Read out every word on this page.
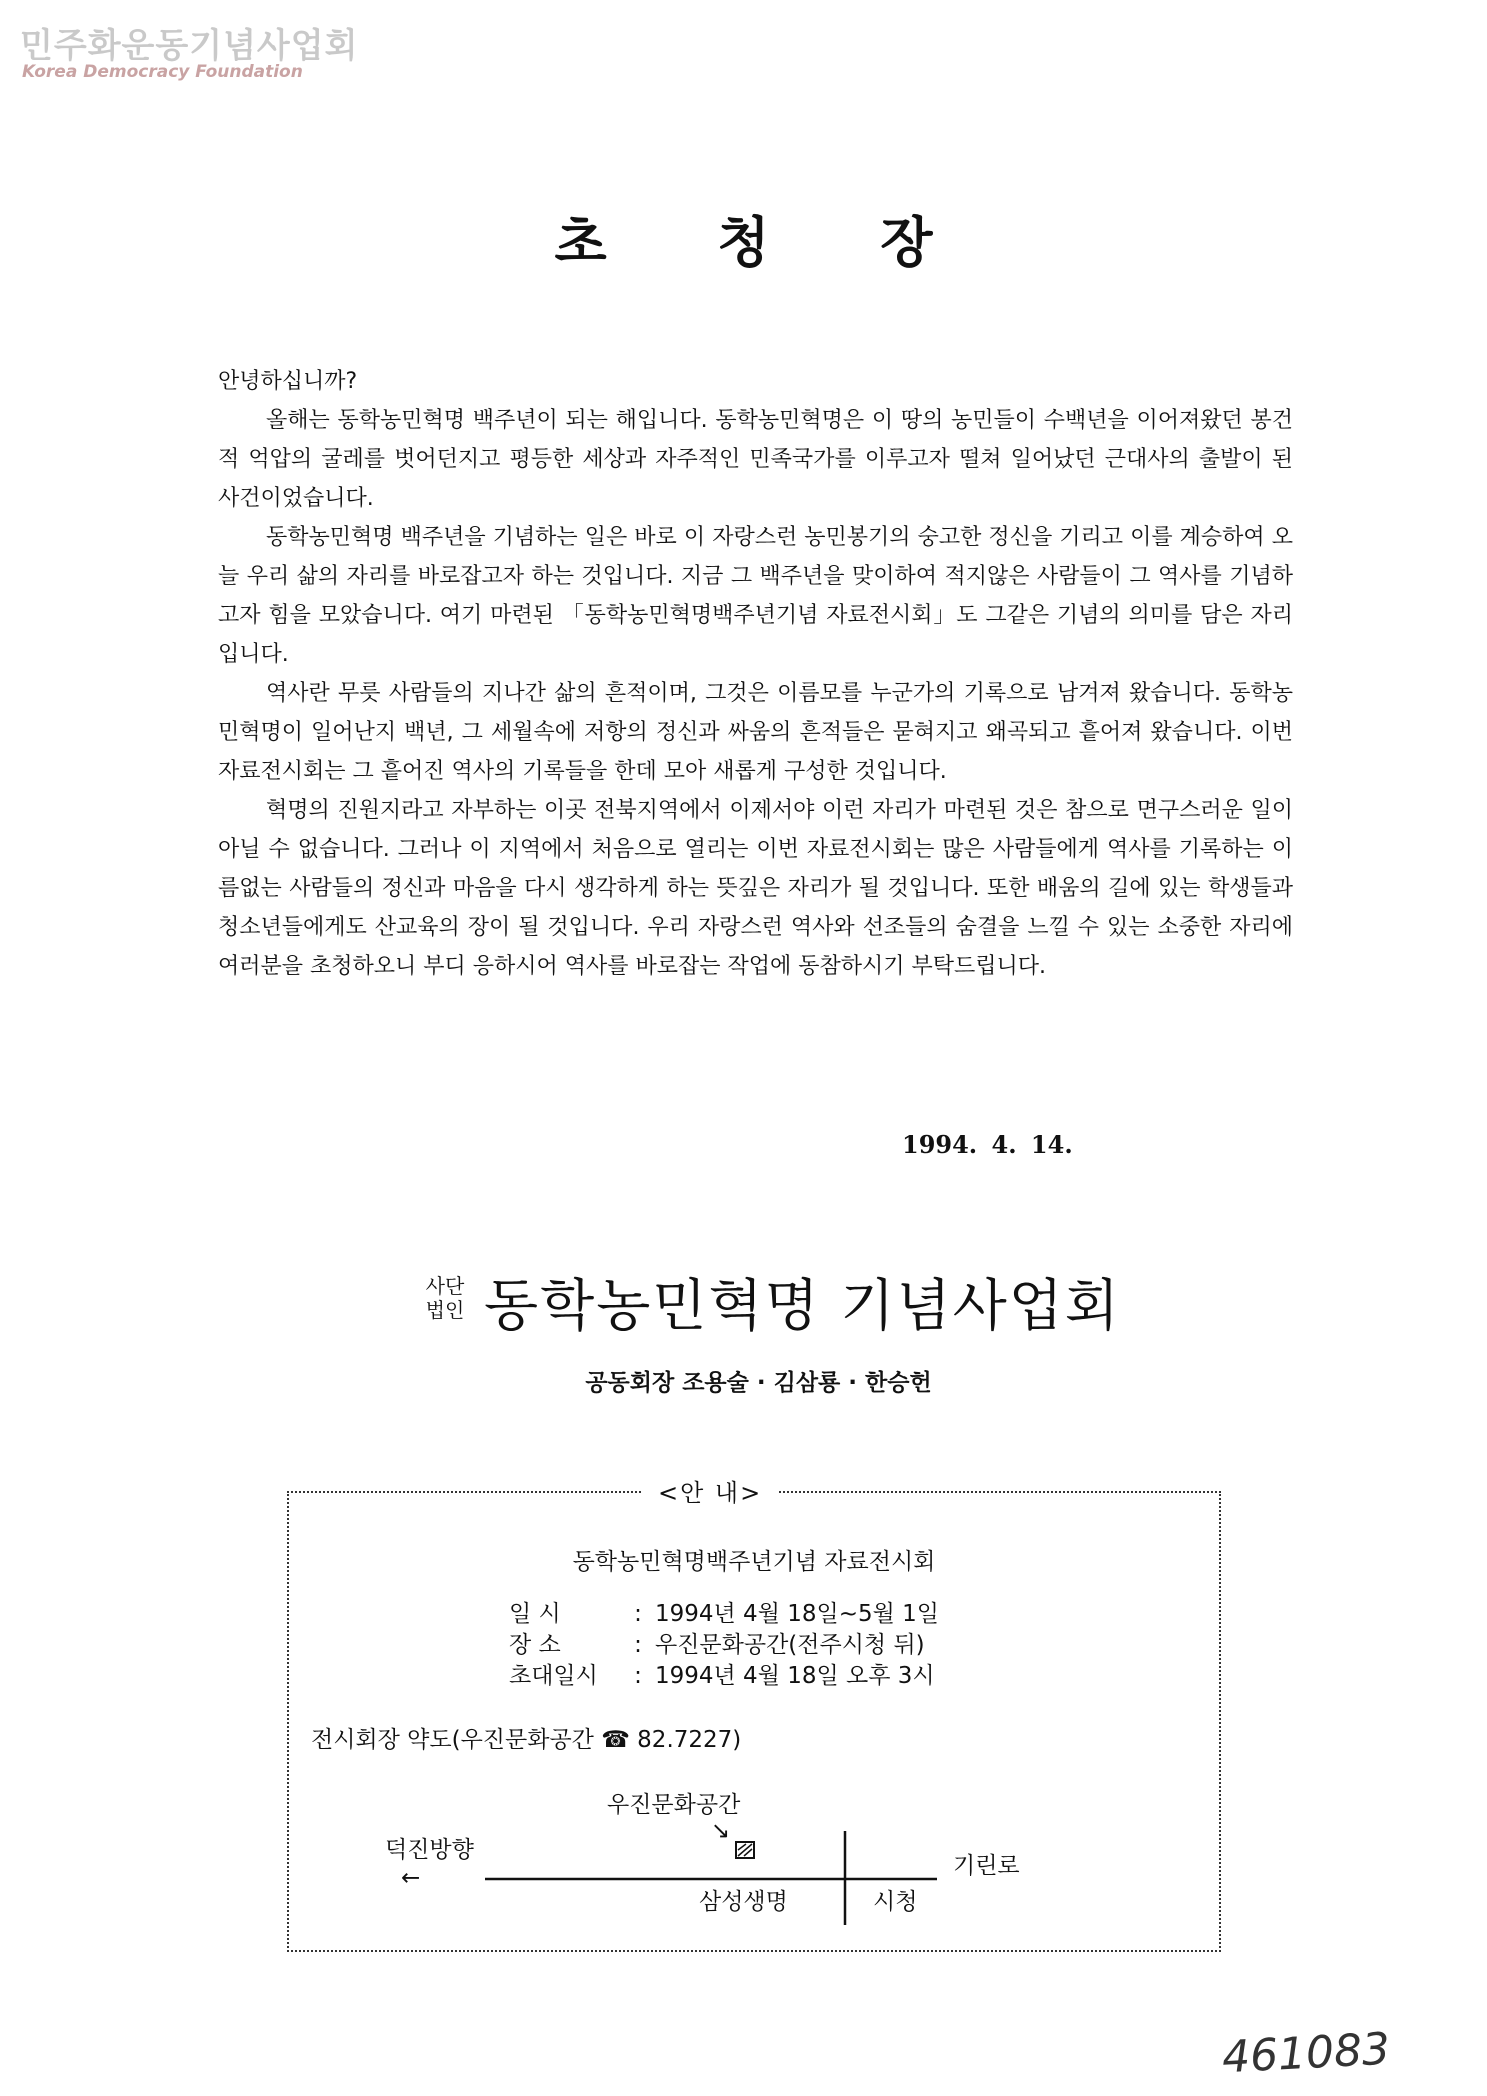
민주화운동기념사업회
Korea Democracy Foundation
초 청 장

안녕하십니까?

올해는 동학농민혁명 백주년이 되는 해입니다. 동학농민혁명은 이 땅의 농민들이 수백년을 이어져왔던 봉건적 억압의 굴레를 벗어던지고 평등한 세상과 자주적인 민족국가를 이루고자 떨쳐 일어났던 근대사의 출발이 된 사건이었습니다.

동학농민혁명 백주년을 기념하는 일은 바로 이 자랑스런 농민봉기의 숭고한 정신을 기리고 이를 계승하여 오늘 우리 삶의 자리를 바로잡고자 하는 것입니다. 지금 그 백주년을 맞이하여 적지않은 사람들이 그 역사를 기념하고자 힘을 모았습니다. 여기 마련된 「동학농민혁명백주년기념 자료전시회」도 그같은 기념의 의미를 담은 자리입니다.

역사란 무릇 사람들의 지나간 삶의 흔적이며, 그것은 이름모를 누군가의 기록으로 남겨져 왔습니다. 동학농민혁명이 일어난지 백년, 그 세월속에 저항의 정신과 싸움의 흔적들은 묻혀지고 왜곡되고 흩어져 왔습니다. 이번 자료전시회는 그 흩어진 역사의 기록들을 한데 모아 새롭게 구성한 것입니다.

혁명의 진원지라고 자부하는 이곳 전북지역에서 이제서야 이런 자리가 마련된 것은 참으로 면구스러운 일이 아닐 수 없습니다. 그러나 이 지역에서 처음으로 열리는 이번 자료전시회는 많은 사람들에게 역사를 기록하는 이름없는 사람들의 정신과 마음을 다시 생각하게 하는 뜻깊은 자리가 될 것입니다. 또한 배움의 길에 있는 학생들과 청소년들에게도 산교육의 장이 될 것입니다. 우리 자랑스런 역사와 선조들의 숨결을 느낄 수 있는 소중한 자리에 여러분을 초청하오니 부디 응하시어 역사를 바로잡는 작업에 동참하시기 부탁드립니다.

1994. 4. 14.
사단
법인 동학농민혁명 기념사업회
공동회장 조용술 · 김삼룡 · 한승헌
<안 내>
동학농민혁명백주년기념 자료전시회
일 시	: 1994년 4월 18일~5월 1일
장 소	: 우진문화공간(전주시청 뒤)
초대일시	: 1994년 4월 18일 오후 3시
전시회장 약도(우진문화공간 ☎ 82.7227)
우진문화공간
↘
덕진방향
←	기린로
삼성생명	시청
461083
